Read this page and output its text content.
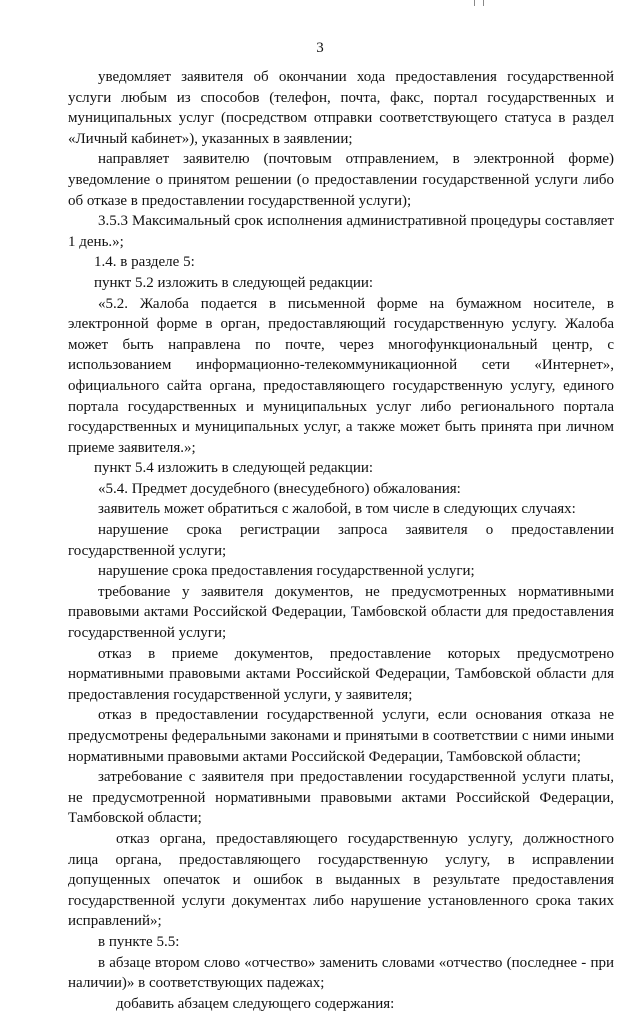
3

уведомляет заявителя об окончании хода предоставления государственной услуги любым из способов (телефон, почта, факс, портал государственных и муниципальных услуг (посредством отправки соответствующего статуса в раздел «Личный кабинет»), указанных в заявлении;

направляет заявителю (почтовым отправлением, в электронной форме) уведомление о принятом решении (о предоставлении государственной услуги либо об отказе в предоставлении государственной услуги);

3.5.3 Максимальный срок исполнения административной процедуры составляет 1 день.»;

1.4. в разделе 5:

пункт 5.2 изложить в следующей редакции:

«5.2. Жалоба подается в письменной форме на бумажном носителе, в электронной форме в орган, предоставляющий государственную услугу. Жалоба может быть направлена по почте, через многофункциональный центр, с использованием информационно-телекоммуникационной сети «Интернет», официального сайта органа, предоставляющего государственную услугу, единого портала государственных и муниципальных услуг либо регионального портала государственных и муниципальных услуг, а также может быть принята при личном приеме заявителя.»;

пункт 5.4 изложить в следующей редакции:

«5.4. Предмет досудебного (внесудебного) обжалования:

заявитель может обратиться с жалобой, в том числе в следующих случаях:

нарушение срока регистрации запроса заявителя о предоставлении государственной услуги;

нарушение срока предоставления государственной услуги;

требование у заявителя документов, не предусмотренных нормативными правовыми актами Российской Федерации, Тамбовской области для предоставления государственной услуги;

отказ в приеме документов, предоставление которых предусмотрено нормативными правовыми актами Российской Федерации, Тамбовской области для предоставления государственной услуги, у заявителя;

отказ в предоставлении государственной услуги, если основания отказа не предусмотрены федеральными законами и принятыми в соответствии с ними иными нормативными правовыми актами Российской Федерации, Тамбовской области;

затребование с заявителя при предоставлении государственной услуги платы, не предусмотренной нормативными правовыми актами Российской Федерации, Тамбовской области;

отказ органа, предоставляющего государственную услугу, должностного лица органа, предоставляющего государственную услугу, в исправлении допущенных опечаток и ошибок в выданных в результате предоставления государственной услуги документах либо нарушение установленного срока таких исправлений»;

в пункте 5.5:

в абзаце втором слово «отчество» заменить словами «отчество (последнее - при наличии)» в соответствующих падежах;

добавить абзацем следующего содержания:
